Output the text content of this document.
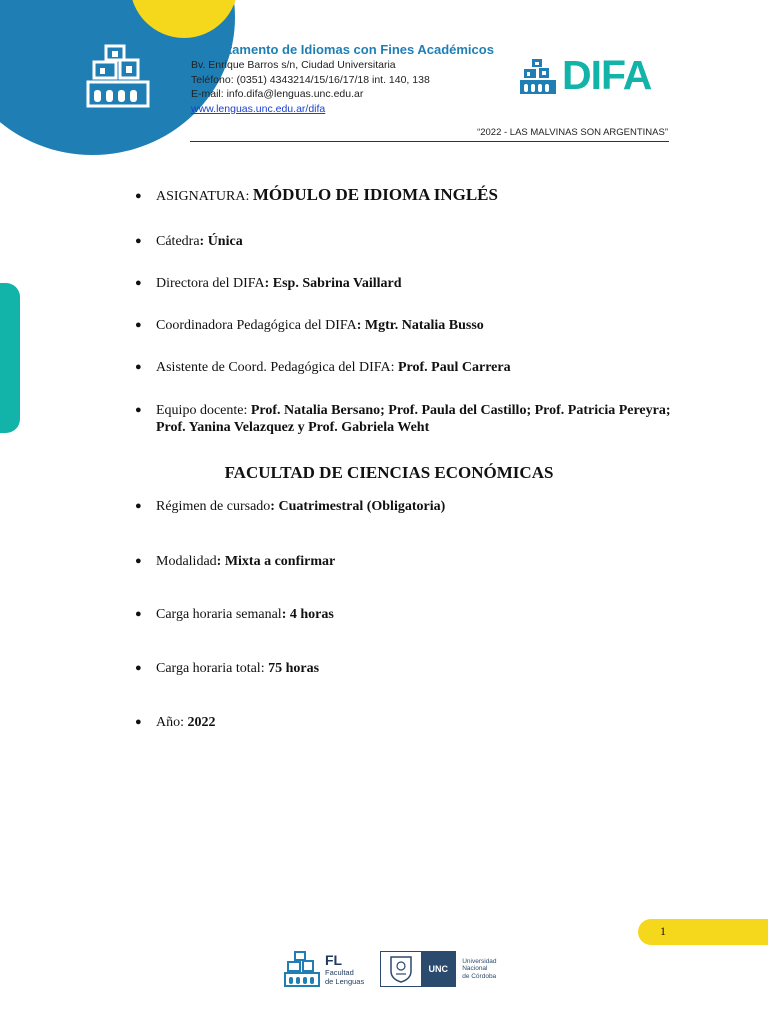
Departamento de Idiomas con Fines Académicos
Bv. Enrique Barros s/n, Ciudad Universitaria
Teléfono: (0351) 4343214/15/16/17/18 int. 140, 138
E-mail: info.difa@lenguas.unc.edu.ar
www.lenguas.unc.edu.ar/difa
DIFA
“2022 - LAS MALVINAS SON ARGENTINAS”
● ASIGNATURA: MÓDULO DE IDIOMA INGLÉS
● Cátedra: Única
● Directora del DIFA: Esp. Sabrina Vaillard
● Coordinadora Pedagógica del DIFA: Mgtr. Natalia Busso
● Asistente de Coord. Pedagógica del DIFA: Prof. Paul Carrera
● Equipo docente: Prof. Natalia Bersano; Prof. Paula del Castillo; Prof. Patricia Pereyra; Prof. Yanina Velazquez y Prof. Gabriela Weht
FACULTAD DE CIENCIAS ECONÓMICAS
● Régimen de cursado: Cuatrimestral (Obligatoria)
● Modalidad: Mixta a confirmar
● Carga horaria semanal: 4 horas
● Carga horaria total: 75 horas
● Año: 2022
1
FL
Facultad
de Lenguas
UNC
Universidad
Nacional
de Córdoba
